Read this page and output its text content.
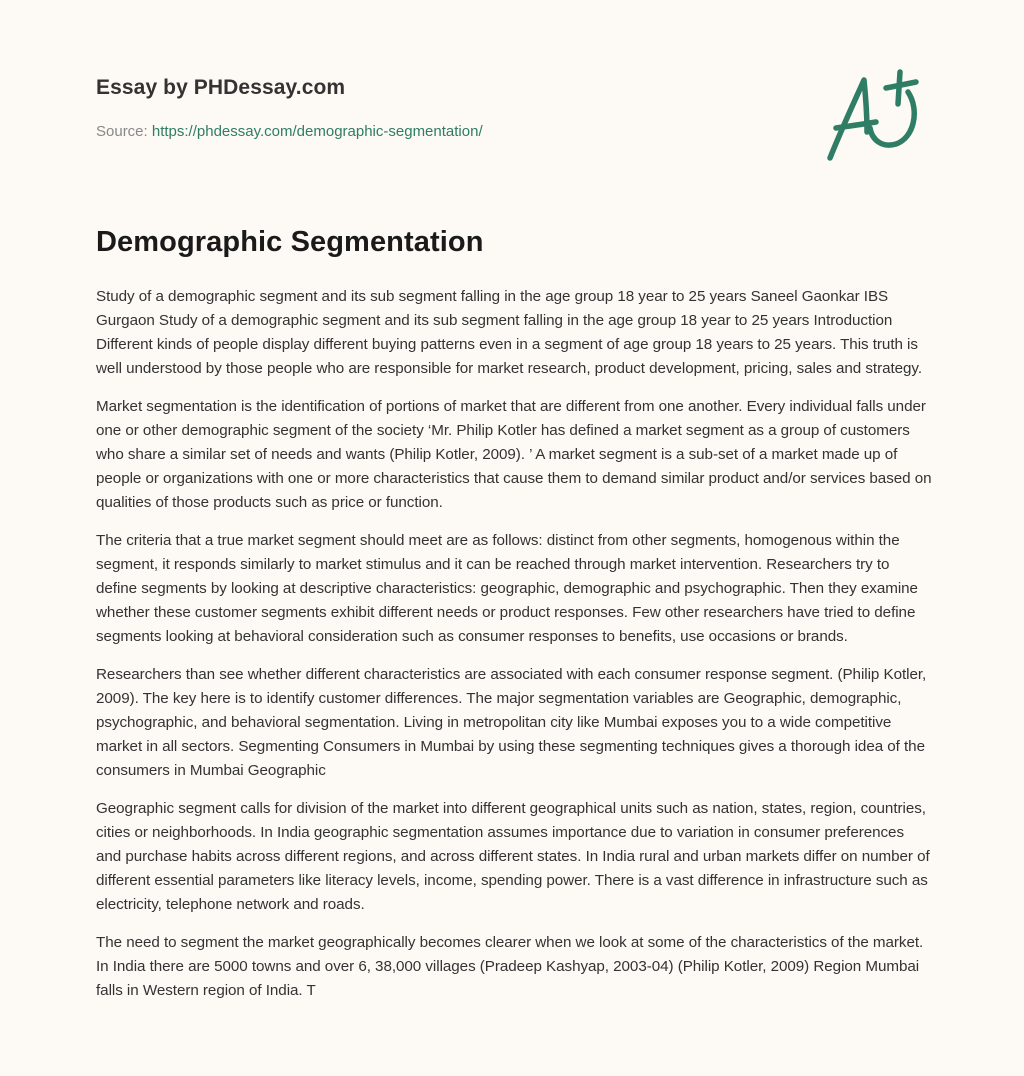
Essay by PHDessay.com
Source: https://phdessay.com/demographic-segmentation/
Demographic Segmentation

Study of a demographic segment and its sub segment falling in the age group 18 year to 25 years Saneel Gaonkar IBS Gurgaon Study of a demographic segment and its sub segment falling in the age group 18 year to 25 years Introduction Different kinds of people display different buying patterns even in a segment of age group 18 years to 25 years. This truth is well understood by those people who are responsible for market research, product development, pricing, sales and strategy.

Market segmentation is the identification of portions of market that are different from one another. Every individual falls under one or other demographic segment of the society ‘Mr. Philip Kotler has defined a market segment as a group of customers who share a similar set of needs and wants (Philip Kotler, 2009). ’ A market segment is a sub-set of a market made up of people or organizations with one or more characteristics that cause them to demand similar product and/or services based on qualities of those products such as price or function.

The criteria that a true market segment should meet are as follows: distinct from other segments, homogenous within the segment, it responds similarly to market stimulus and it can be reached through market intervention. Researchers try to define segments by looking at descriptive characteristics: geographic, demographic and psychographic. Then they examine whether these customer segments exhibit different needs or product responses. Few other researchers have tried to define segments looking at behavioral consideration such as consumer responses to benefits, use occasions or brands.

Researchers than see whether different characteristics are associated with each consumer response segment. (Philip Kotler, 2009). The key here is to identify customer differences. The major segmentation variables are Geographic, demographic, psychographic, and behavioral segmentation. Living in metropolitan city like Mumbai exposes you to a wide competitive market in all sectors. Segmenting Consumers in Mumbai by using these segmenting techniques gives a thorough idea of the consumers in Mumbai Geographic

Geographic segment calls for division of the market into different geographical units such as nation, states, region, countries, cities or neighborhoods. In India geographic segmentation assumes importance due to variation in consumer preferences and purchase habits across different regions, and across different states. In India rural and urban markets differ on number of different essential parameters like literacy levels, income, spending power. There is a vast difference in infrastructure such as electricity, telephone network and roads.

The need to segment the market geographically becomes clearer when we look at some of the characteristics of the market. In India there are 5000 towns and over 6, 38,000 villages (Pradeep Kashyap, 2003-04) (Philip Kotler, 2009) Region Mumbai falls in Western region of India. T
